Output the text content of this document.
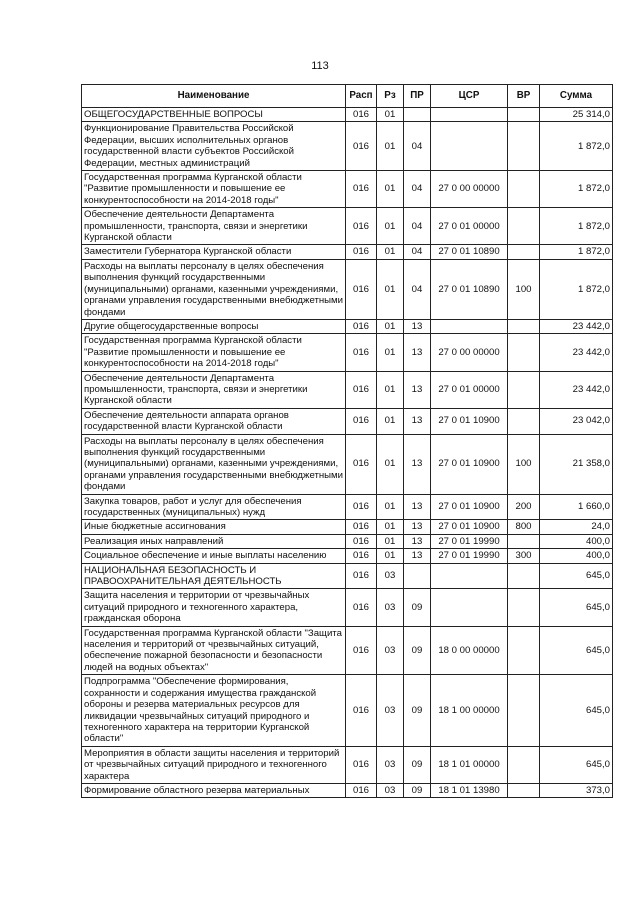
113
Наименование	Расп	Рз	ПР	ЦСР	ВР	Сумма
ОБЩЕГОСУДАРСТВЕННЫЕ ВОПРОСЫ	016	01				25 314,0
Функционирование Правительства Российской Федерации, высших исполнительных органов государственной власти субъектов Российской Федерации, местных администраций	016	01	04			1 872,0
Государственная программа Курганской области "Развитие промышленности и повышение ее конкурентоспособности на 2014-2018 годы"	016	01	04	27 0 00 00000		1 872,0
Обеспечение деятельности Департамента промышленности, транспорта, связи и энергетики Курганской области	016	01	04	27 0 01 00000		1 872,0
Заместители Губернатора Курганской области	016	01	04	27 0 01 10890		1 872,0
Расходы на выплаты персоналу в целях обеспечения выполнения функций государственными (муниципальными) органами, казенными учреждениями, органами управления государственными внебюджетными фондами	016	01	04	27 0 01 10890	100	1 872,0
Другие общегосударственные вопросы	016	01	13			23 442,0
Государственная программа Курганской области "Развитие промышленности и повышение ее конкурентоспособности на 2014-2018 годы"	016	01	13	27 0 00 00000		23 442,0
Обеспечение деятельности Департамента промышленности, транспорта, связи и энергетики Курганской области	016	01	13	27 0 01 00000		23 442,0
Обеспечение деятельности аппарата органов государственной власти Курганской области	016	01	13	27 0 01 10900		23 042,0
Расходы на выплаты персоналу в целях обеспечения выполнения функций государственными (муниципальными) органами, казенными учреждениями, органами управления государственными внебюджетными фондами	016	01	13	27 0 01 10900	100	21 358,0
Закупка товаров, работ и услуг для обеспечения государственных (муниципальных) нужд	016	01	13	27 0 01 10900	200	1 660,0
Иные бюджетные ассигнования	016	01	13	27 0 01 10900	800	24,0
Реализация иных направлений	016	01	13	27 0 01 19990		400,0
Социальное обеспечение и иные выплаты населению	016	01	13	27 0 01 19990	300	400,0
НАЦИОНАЛЬНАЯ БЕЗОПАСНОСТЬ И ПРАВООХРАНИТЕЛЬНАЯ ДЕЯТЕЛЬНОСТЬ	016	03				645,0
Защита населения и территории от чрезвычайных ситуаций природного и техногенного характера, гражданская оборона	016	03	09			645,0
Государственная программа Курганской области "Защита населения и территорий от чрезвычайных ситуаций, обеспечение пожарной безопасности и безопасности людей на водных объектах"	016	03	09	18 0 00 00000		645,0
Подпрограмма "Обеспечение формирования, сохранности и содержания имущества гражданской обороны и резерва материальных ресурсов для ликвидации чрезвычайных ситуаций природного и техногенного характера на территории Курганской области"	016	03	09	18 1 00 00000		645,0
Мероприятия в области защиты населения и территорий от чрезвычайных ситуаций природного и техногенного характера	016	03	09	18 1 01 00000		645,0
Формирование областного резерва материальных	016	03	09	18 1 01 13980		373,0
